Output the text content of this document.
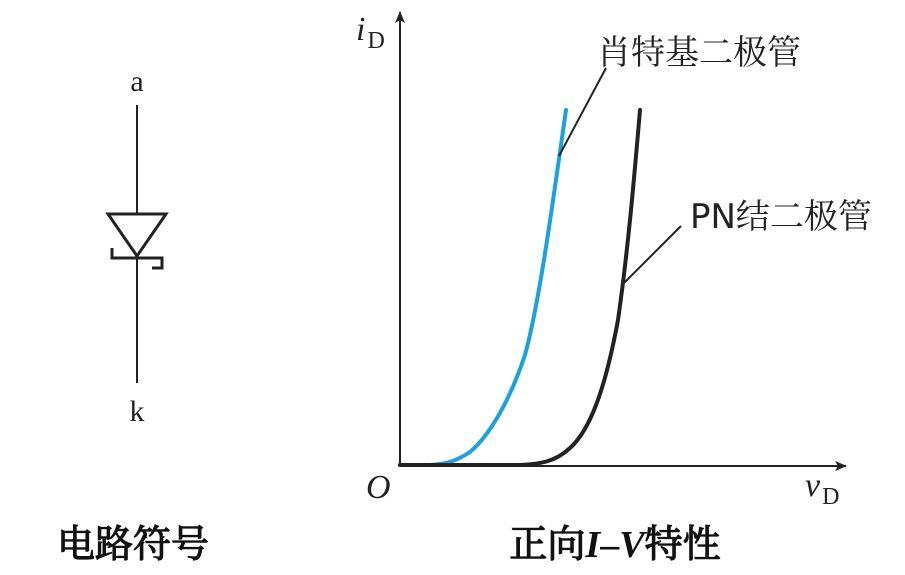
a
k
电路符号
$i_D$
$v_D$
O
肖特基二极管
PN结二极管
正向I–V特性
